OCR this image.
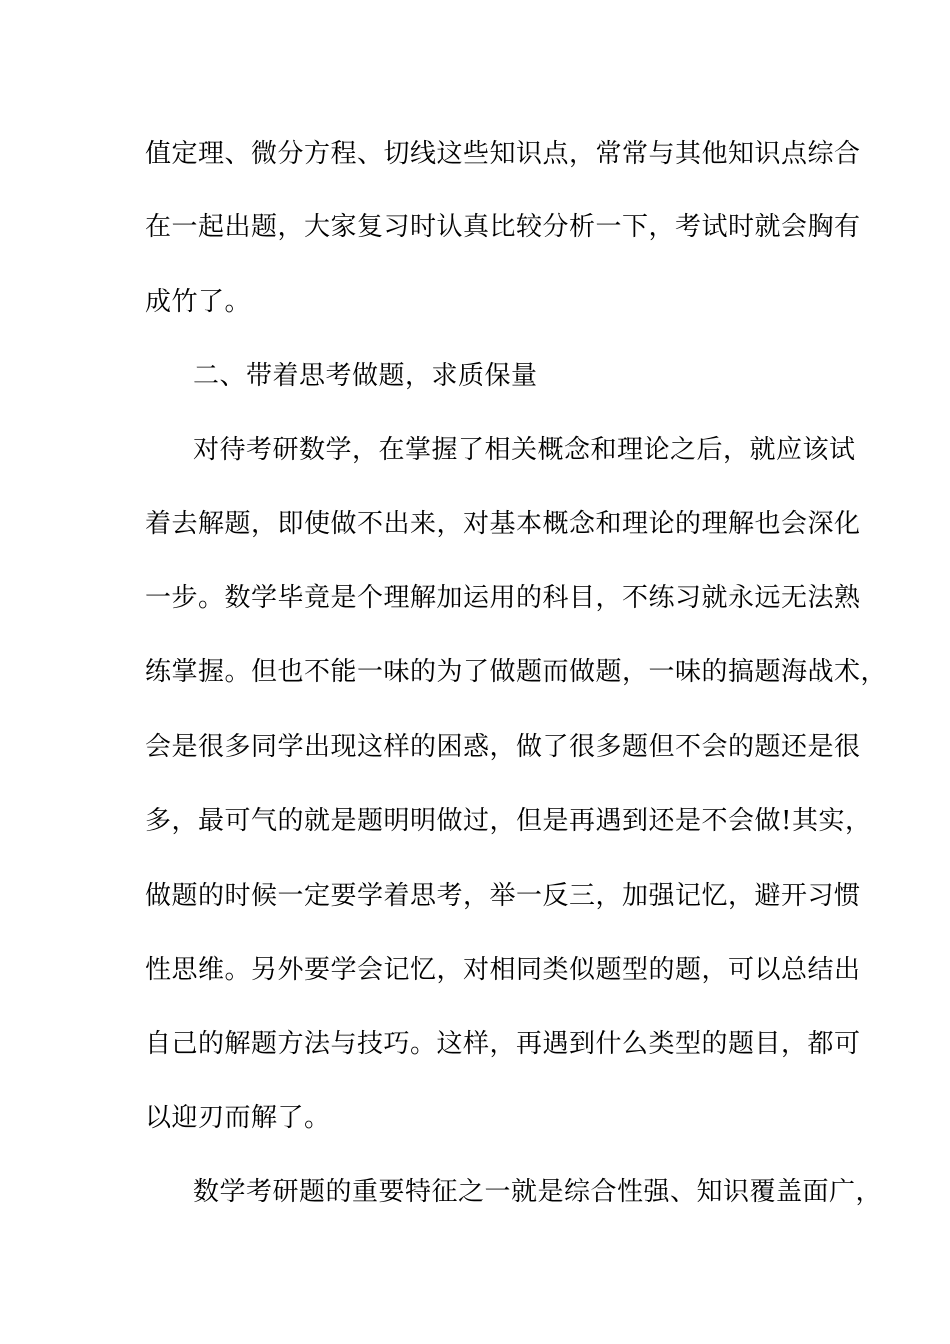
值定理、微分方程、切线这些知识点，常常与其他知识点综合
在一起出题，大家复习时认真比较分析一下，考试时就会胸有
成竹了。
二、带着思考做题，求质保量
对待考研数学，在掌握了相关概念和理论之后，就应该试
着去解题，即使做不出来，对基本概念和理论的理解也会深化
一步。数学毕竟是个理解加运用的科目，不练习就永远无法熟
练掌握。但也不能一味的为了做题而做题，一味的搞题海战术，
会是很多同学出现这样的困惑，做了很多题但不会的题还是很
多，最可气的就是题明明做过，但是再遇到还是不会做!其实，
做题的时候一定要学着思考，举一反三，加强记忆，避开习惯
性思维。另外要学会记忆，对相同类似题型的题，可以总结出
自己的解题方法与技巧。这样，再遇到什么类型的题目，都可
以迎刃而解了。
数学考研题的重要特征之一就是综合性强、知识覆盖面广，
